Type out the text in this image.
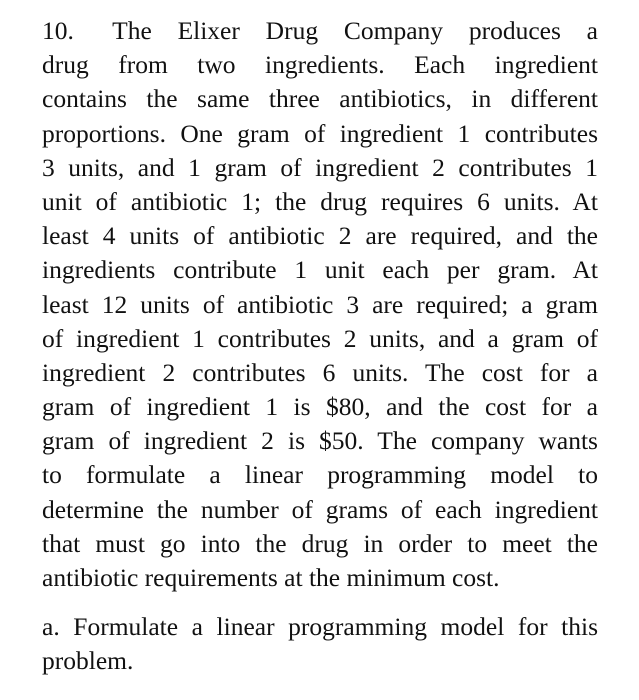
10.  The Elixer Drug Company produces a
drug from two ingredients. Each ingredient
contains the same three antibiotics, in different
proportions. One gram of ingredient 1 contributes
3 units, and 1 gram of ingredient 2 contributes 1
unit of antibiotic 1; the drug requires 6 units. At
least 4 units of antibiotic 2 are required, and the
ingredients contribute 1 unit each per gram. At
least 12 units of antibiotic 3 are required; a gram
of ingredient 1 contributes 2 units, and a gram of
ingredient 2 contributes 6 units. The cost for a
gram of ingredient 1 is $80, and the cost for a
gram of ingredient 2 is $50. The company wants
to formulate a linear programming model to
determine the number of grams of each ingredient
that must go into the drug in order to meet the
antibiotic requirements at the minimum cost.
a. Formulate a linear programming model for this
problem.
